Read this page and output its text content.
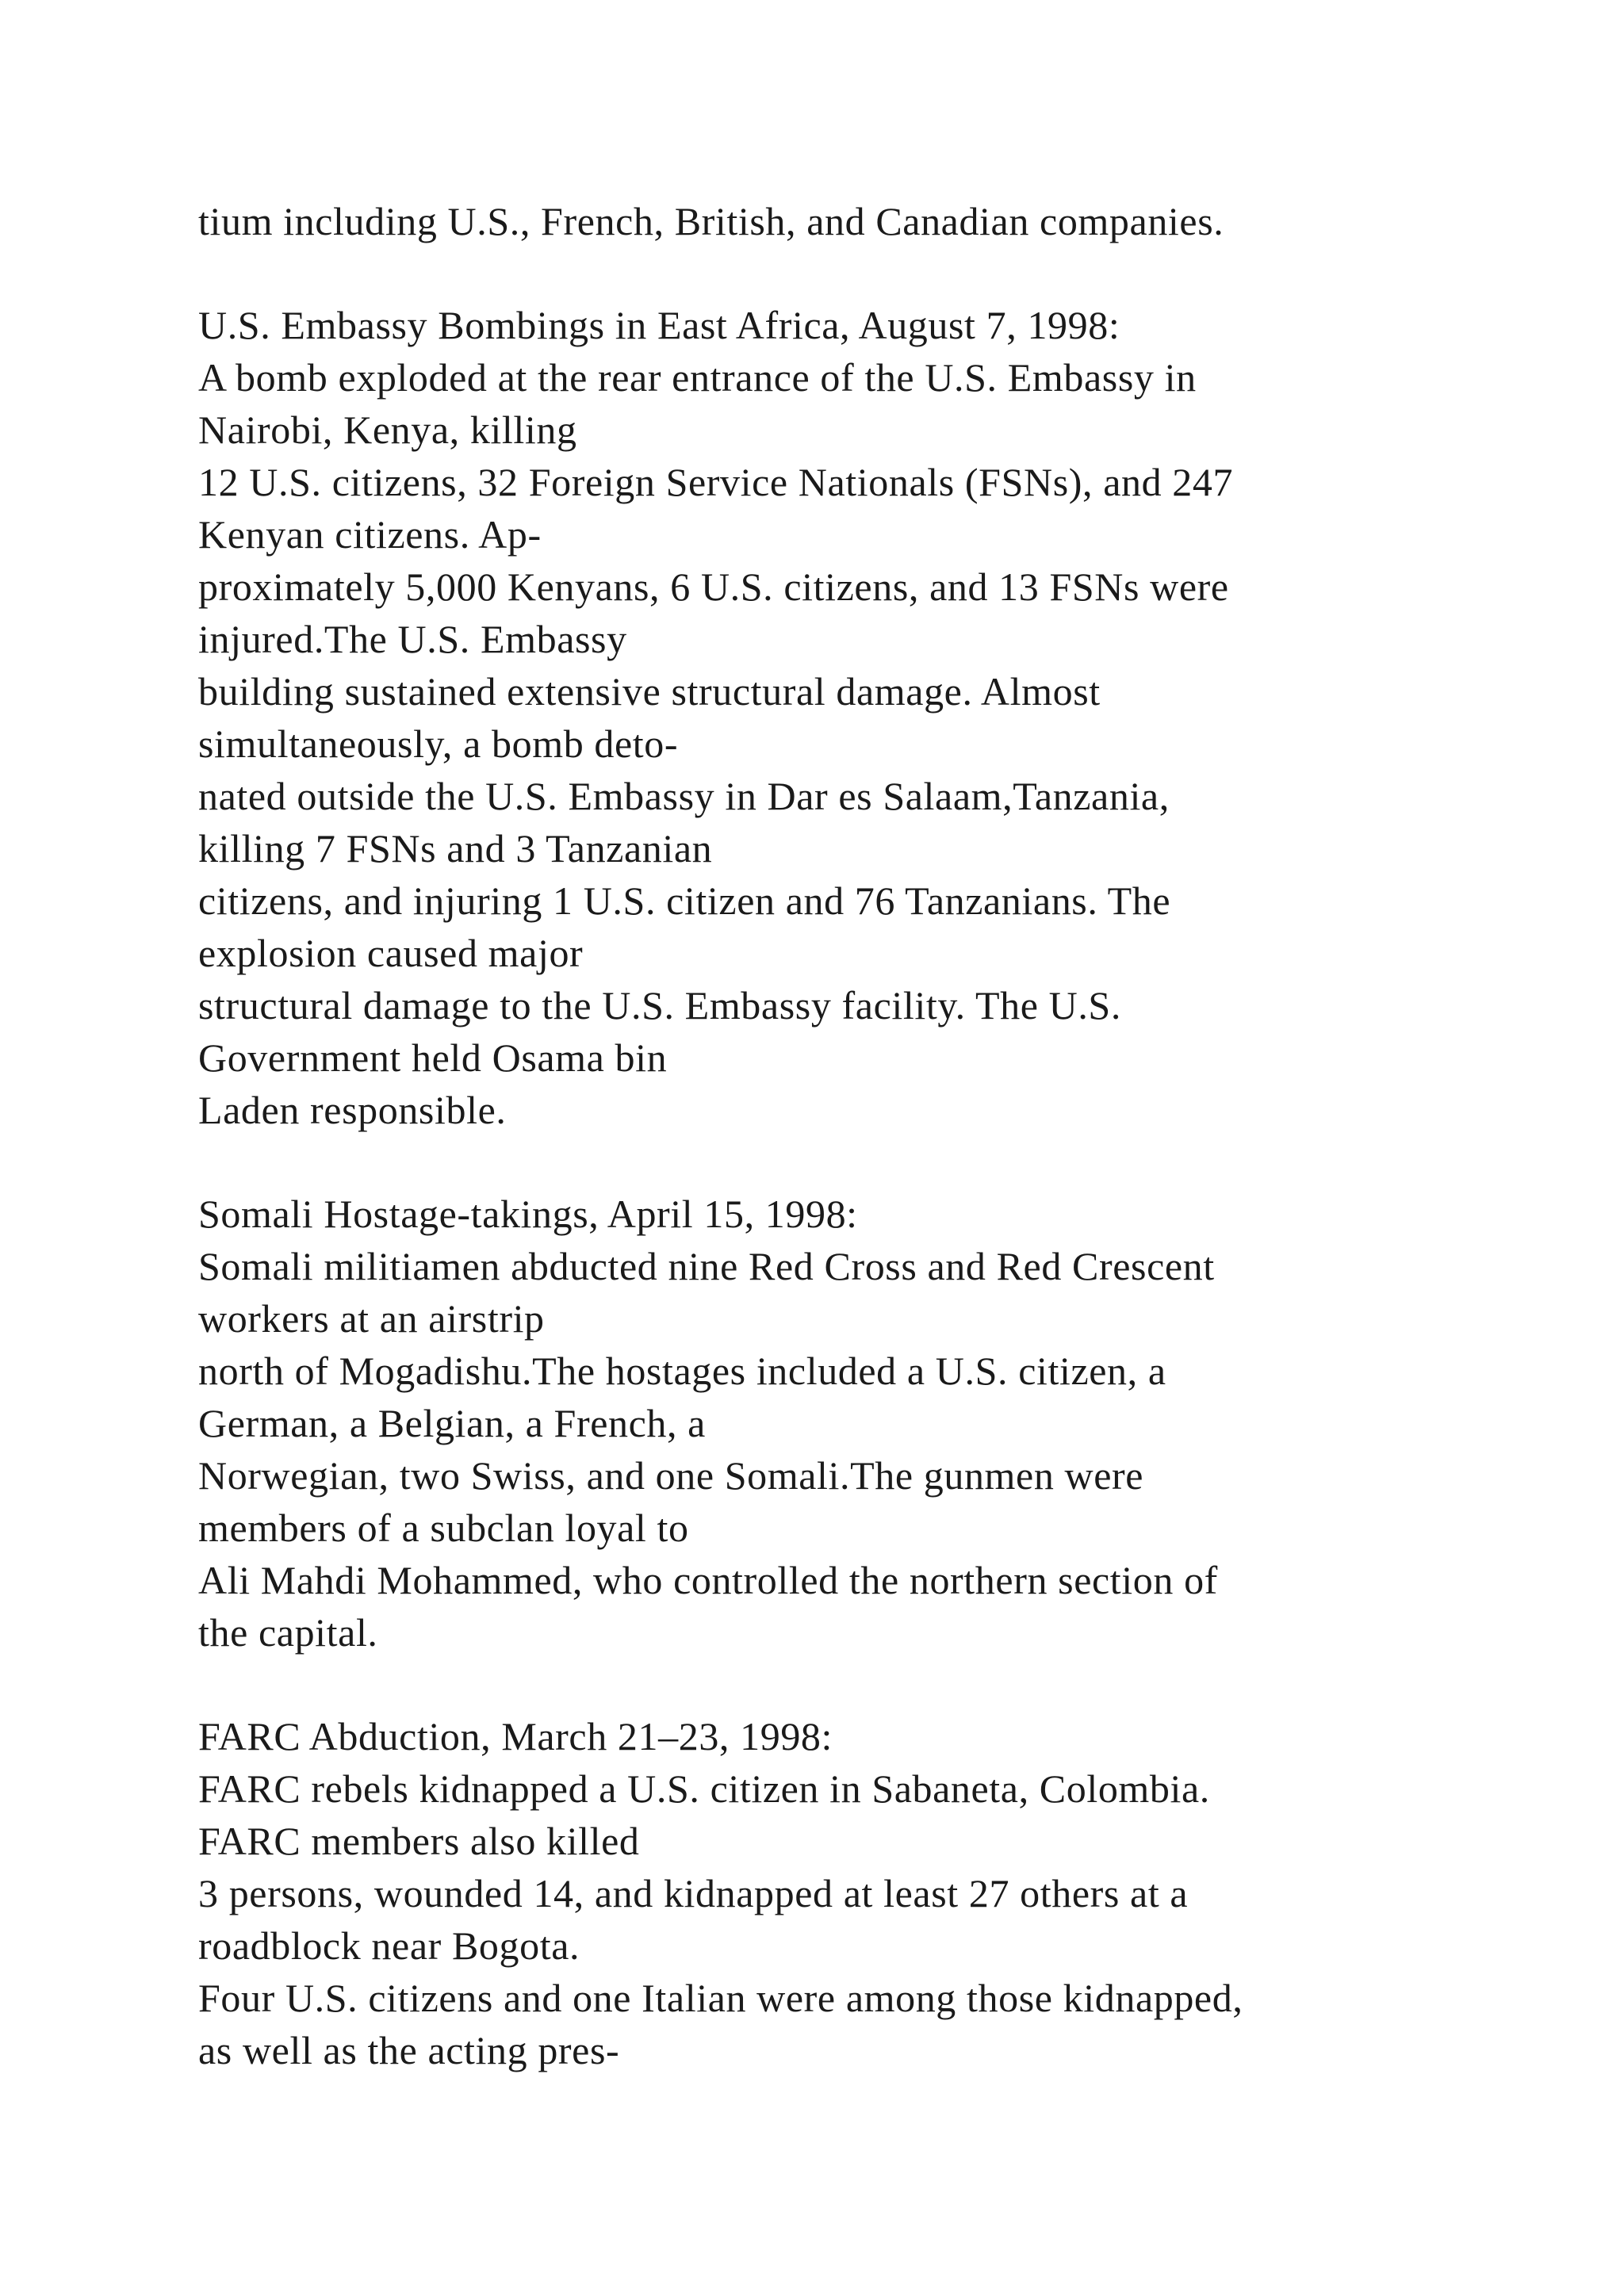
tium including U.S., French, British, and Canadian companies.
U.S. Embassy Bombings in East Africa, August 7, 1998:
A bomb exploded at the rear entrance of the U.S. Embassy in
Nairobi, Kenya, killing
12 U.S. citizens, 32 Foreign Service Nationals (FSNs), and 247
Kenyan citizens. Ap-
proximately 5,000 Kenyans, 6 U.S. citizens, and 13 FSNs were
injured.The U.S. Embassy
building sustained extensive structural damage. Almost
simultaneously, a bomb deto-
nated outside the U.S. Embassy in Dar es Salaam,Tanzania,
killing 7 FSNs and 3 Tanzanian
citizens, and injuring 1 U.S. citizen and 76 Tanzanians. The
explosion caused major
structural damage to the U.S. Embassy facility. The U.S.
Government held Osama bin
Laden responsible.
Somali Hostage-takings, April 15, 1998:
Somali militiamen abducted nine Red Cross and Red Crescent
workers at an airstrip
north of Mogadishu.The hostages included a U.S. citizen, a
German, a Belgian, a French, a
Norwegian, two Swiss, and one Somali.The gunmen were
members of a subclan loyal to
Ali Mahdi Mohammed, who controlled the northern section of
the capital.
FARC Abduction, March 21–23, 1998:
FARC rebels kidnapped a U.S. citizen in Sabaneta, Colombia.
FARC members also killed
3 persons, wounded 14, and kidnapped at least 27 others at a
roadblock near Bogota.
Four U.S. citizens and one Italian were among those kidnapped,
as well as the acting pres-
